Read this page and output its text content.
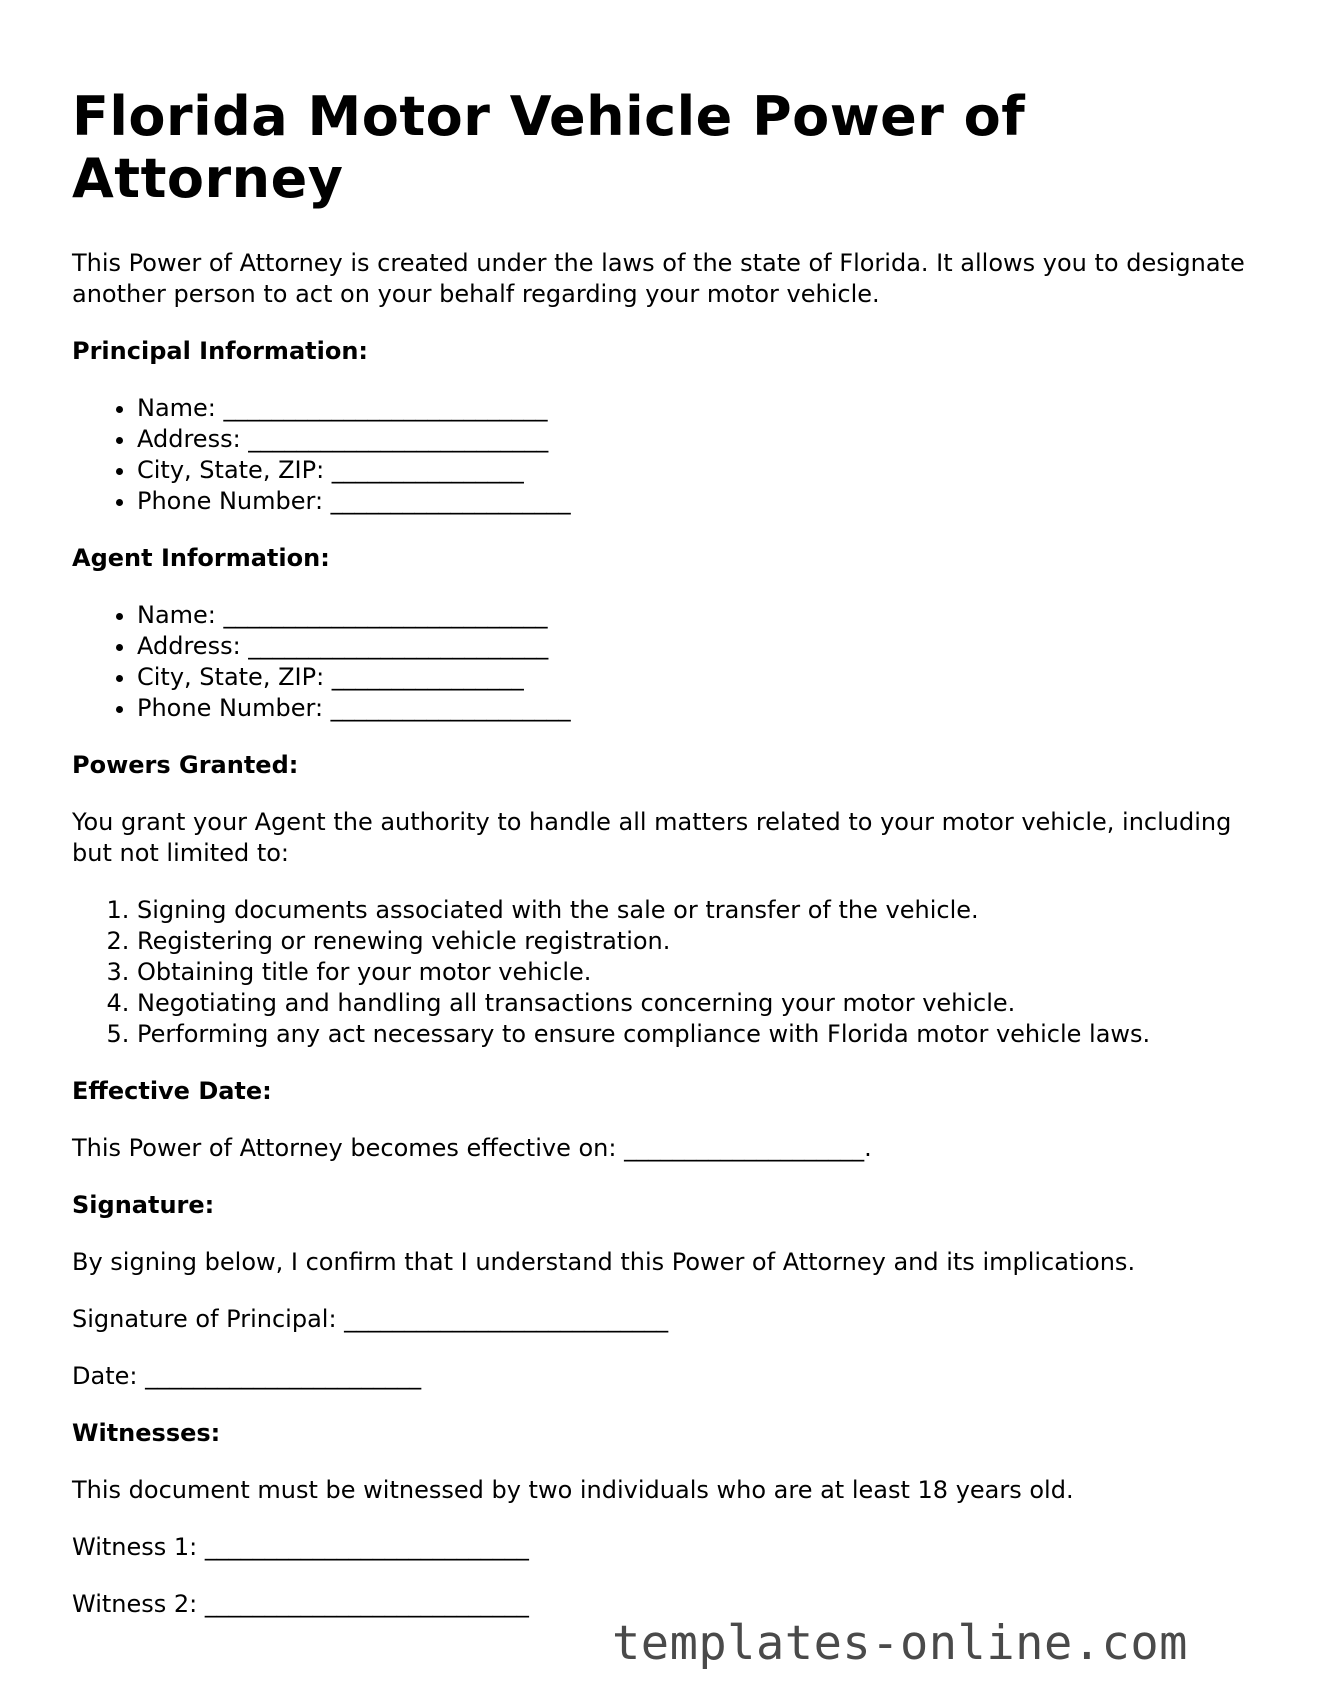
Florida Motor Vehicle Power of Attorney

This Power of Attorney is created under the laws of the state of Florida. It allows you to designate another person to act on your behalf regarding your motor vehicle.

Principal Information:
• Name: ___________________________
• Address: _________________________
• City, State, ZIP: ________________
• Phone Number: ____________________
Agent Information:
• Name: ___________________________
• Address: _________________________
• City, State, ZIP: ________________
• Phone Number: ____________________
Powers Granted:

You grant your Agent the authority to handle all matters related to your motor vehicle, including but not limited to:

1. Signing documents associated with the sale or transfer of the vehicle.
2. Registering or renewing vehicle registration.
3. Obtaining title for your motor vehicle.
4. Negotiating and handling all transactions concerning your motor vehicle.
5. Performing any act necessary to ensure compliance with Florida motor vehicle laws.
Effective Date:

This Power of Attorney becomes effective on: ____________________.

Signature:

By signing below, I confirm that I understand this Power of Attorney and its implications.

Signature of Principal: ___________________________

Date: _______________________

Witnesses:

This document must be witnessed by two individuals who are at least 18 years old.

Witness 1: ___________________________

Witness 2: ___________________________

templates-online.com
